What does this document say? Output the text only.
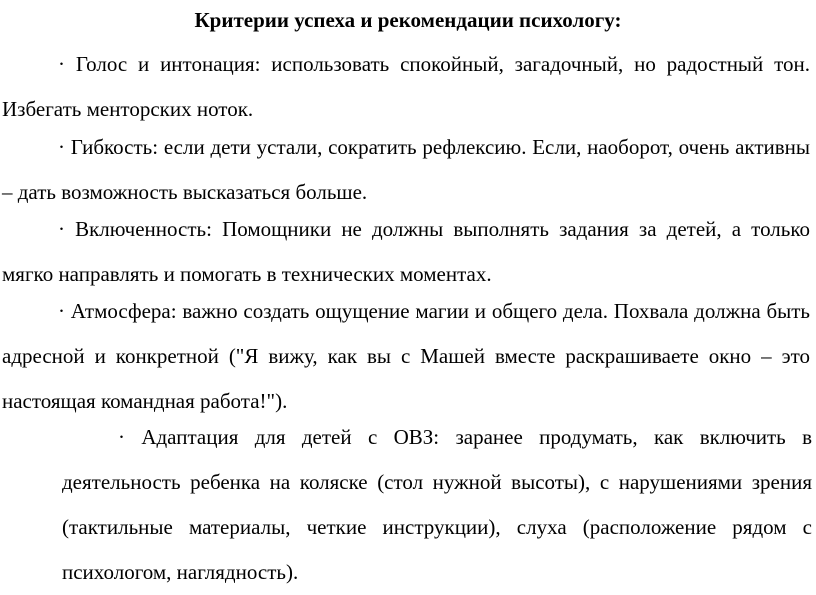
Критерии успеха и рекомендации психологу:
· Голос и интонация: использовать спокойный, загадочный, но радостный тон. Избегать менторских ноток.
· Гибкость: если дети устали, сократить рефлексию. Если, наоборот, очень активны – дать возможность высказаться больше.
· Включенность: Помощники не должны выполнять задания за детей, а только мягко направлять и помогать в технических моментах.
· Атмосфера: важно создать ощущение магии и общего дела. Похвала должна быть адресной и конкретной ("Я вижу, как вы с Машей вместе раскрашиваете окно – это настоящая командная работа!").
· Адаптация для детей с ОВЗ: заранее продумать, как включить в деятельность ребенка на коляске (стол нужной высоты), с нарушениями зрения (тактильные материалы, четкие инструкции), слуха (расположение рядом с психологом, наглядность).
